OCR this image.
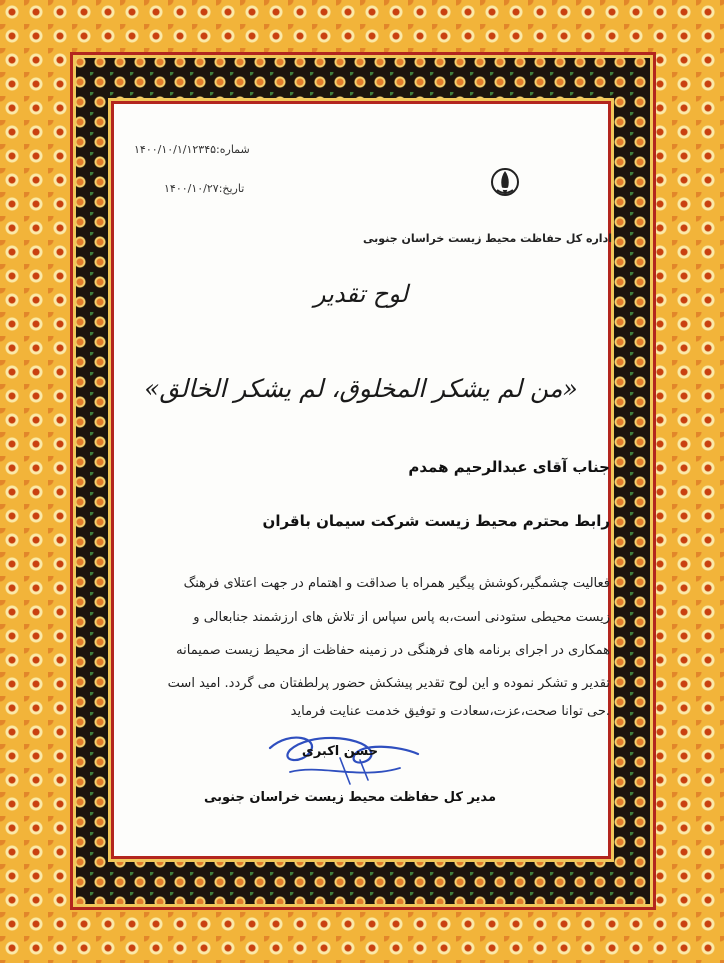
شماره:۱۴۰۰/۱۰/۱/۱۲۳۴۵
تاریخ:۱۴۰۰/۱۰/۲۷
اداره کل حفاظت محیط زیست خراسان جنوبی
لوح تقدیر
«من لم یشکر المخلوق، لم یشکر الخالق»
جناب آقای عبدالرحیم همدم
رابط محترم محیط زیست شرکت سیمان باقران
فعالیت چشمگیر،کوشش پیگیر همراه با صداقت و اهتمام در جهت اعتلای فرهنگ
زیست محیطی ستودنی است،به پاس سپاس از تلاش های ارزشمند جنابعالی و
همکاری در اجرای برنامه های فرهنگی در زمینه حفاظت از محیط زیست صمیمانه
تقدیر و تشکر نموده و این لوح تقدیر پیشکش حضور پرلطفتان می گردد. امید است
حی توانا صحت،عزت،سعادت و توفیق خدمت عنایت فرماید.
حسن اکبری
مدیر کل حفاظت محیط زیست خراسان جنوبی
